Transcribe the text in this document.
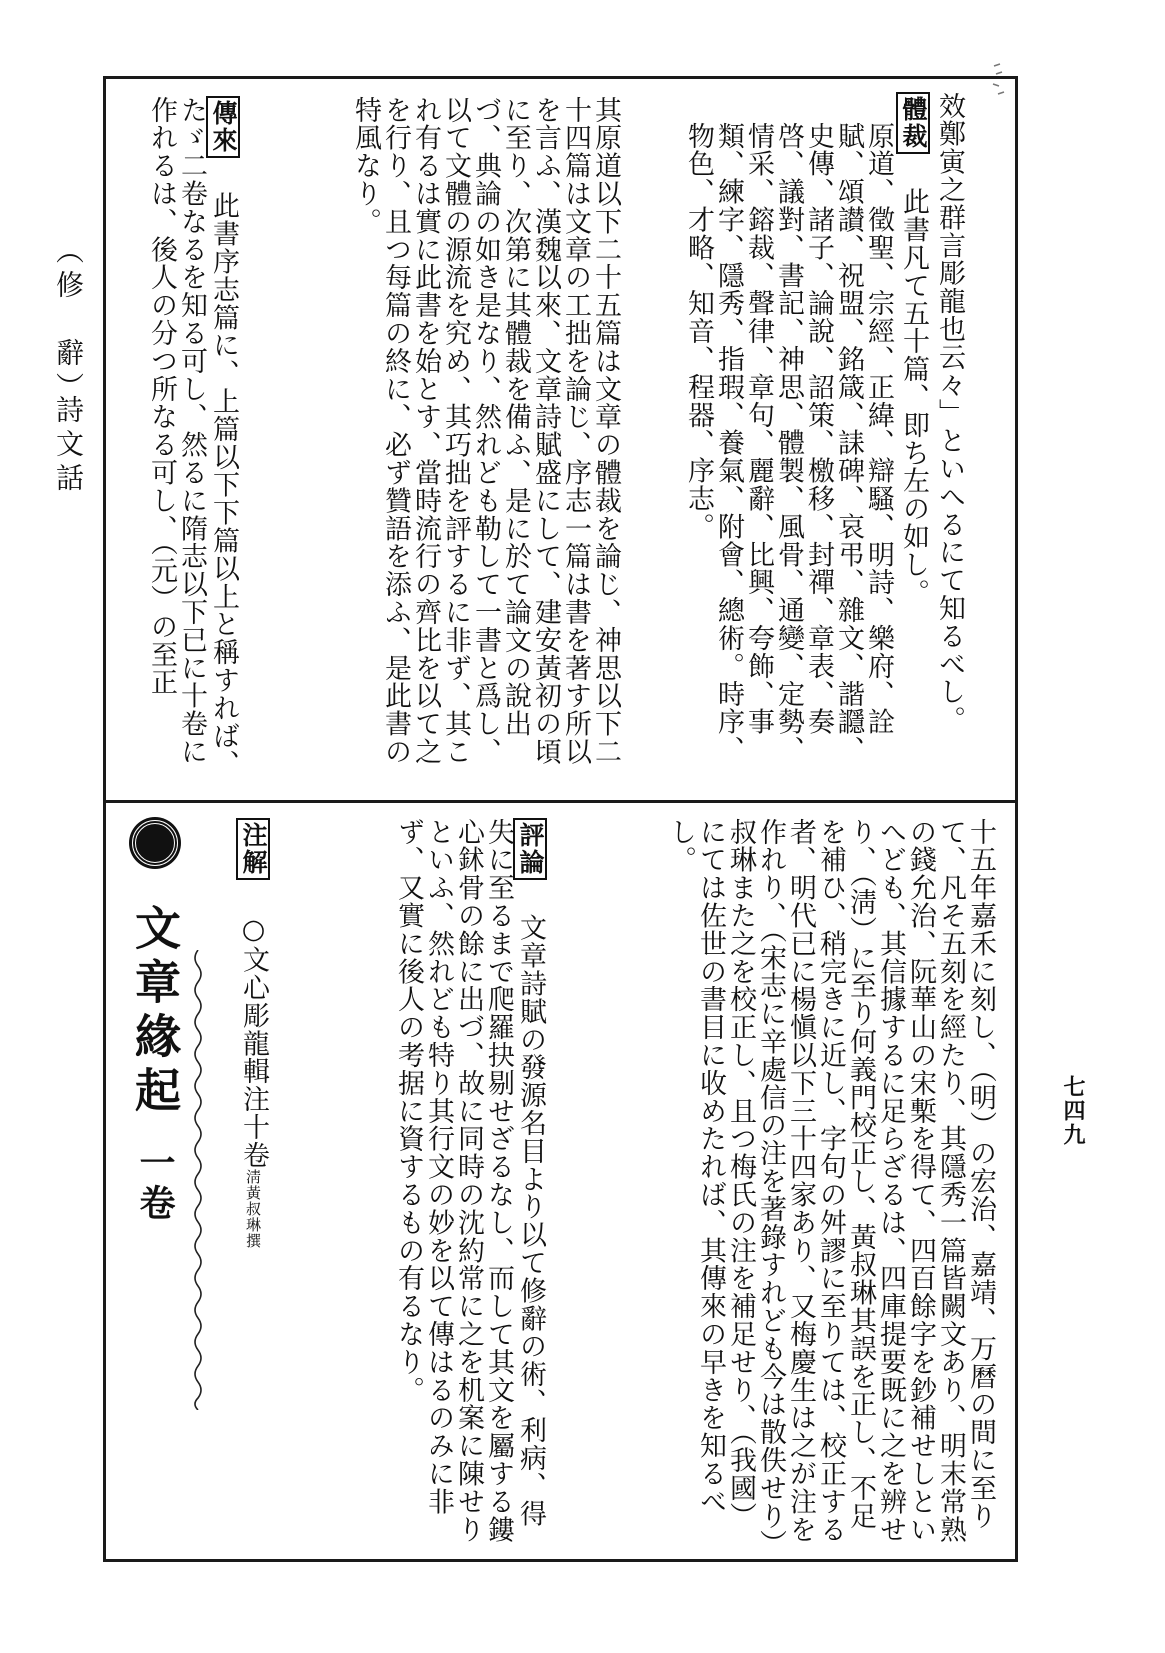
（修　辭）
詩文話
七四九
效鄭寅之群言彫龍也云々」といへるにて知るべし。
體裁　此書凡て五十篇、即ち左の如し。
原道、徵聖、宗經、正緯、辯騷、明詩、樂府、詮賦、頌讃、祝盟、銘箴、誄碑、哀弔、雜文、諧讔、史傳、諸子、論說、詔策、檄移、封禪、章表、奏啓、議對、書記、神思、體製、風骨、通變、定勢、情采、鎔裁、聲律、章句、麗辭、比興、夸飾、事類、練字、隱秀、指瑕、養氣、附會、總術。時序、物色、才略、知音、程器、序志。
其原道以下二十五篇は文章の體裁を論じ、神思以下二十四篇は文章の工拙を論じ、序志一篇は書を著す所以を言ふ、漢魏以來、文章詩賦盛にして、建安黃初の頃に至り、次第に其體裁を備ふ、是に於て論文の說出づ、典論の如き是なり、然れども勒して一書と爲し、以て文體の源流を究め、其巧拙を評するに非ず、其これ有るは實に此書を始とす、當時流行の齊比を以て之を行り、且つ每篇の終に、必ず贊語を添ふ、是此書の特風なり。
傳來　此書序志篇に、上篇以下下篇以上と稱すれば、たゞ二卷なるを知る可し、然るに隋志以下已に十卷に作れるは、後人の分つ所なる可し、（元）の至正
十五年嘉禾に刻し、（明）の宏治、嘉靖、万曆の間に至りて、凡そ五刻を經たり、其隱秀一篇皆闕文あり、明末常熟の錢允治、阮華山の宋槧を得て、四百餘字を鈔補せしといへども、其信據するに足らざるは、四庫提要既に之を辨せり、（淸）に至り何義門校正し、黃叔琳其誤を正し、不足を補ひ、稍完きに近し、字句の舛謬に至りては、校正する者、明代已に楊愼以下三十四家あり、又梅慶生は之が注を作れり、（宋志に辛處信の注を著錄すれども今は散佚せり）叔琳また之を校正し、且つ梅氏の注を補足せり、（我國）にては佐世の書目に收めたれば、其傳來の早きを知るべし。
評論　文章詩賦の發源名目より以て修辭の術、利病、得失に至るまで爬羅抉剔せざるなし、而して其文を屬する鏤心鉥骨の餘に出づ、故に同時の沈約常に之を机案に陳せりといふ、然れども特り其行文の妙を以て傳はるのみに非ず、又實に後人の考据に資するもの有るなり。
注解　○文心彫龍輯注十卷淸黃叔琳撰
文章緣起 一卷
